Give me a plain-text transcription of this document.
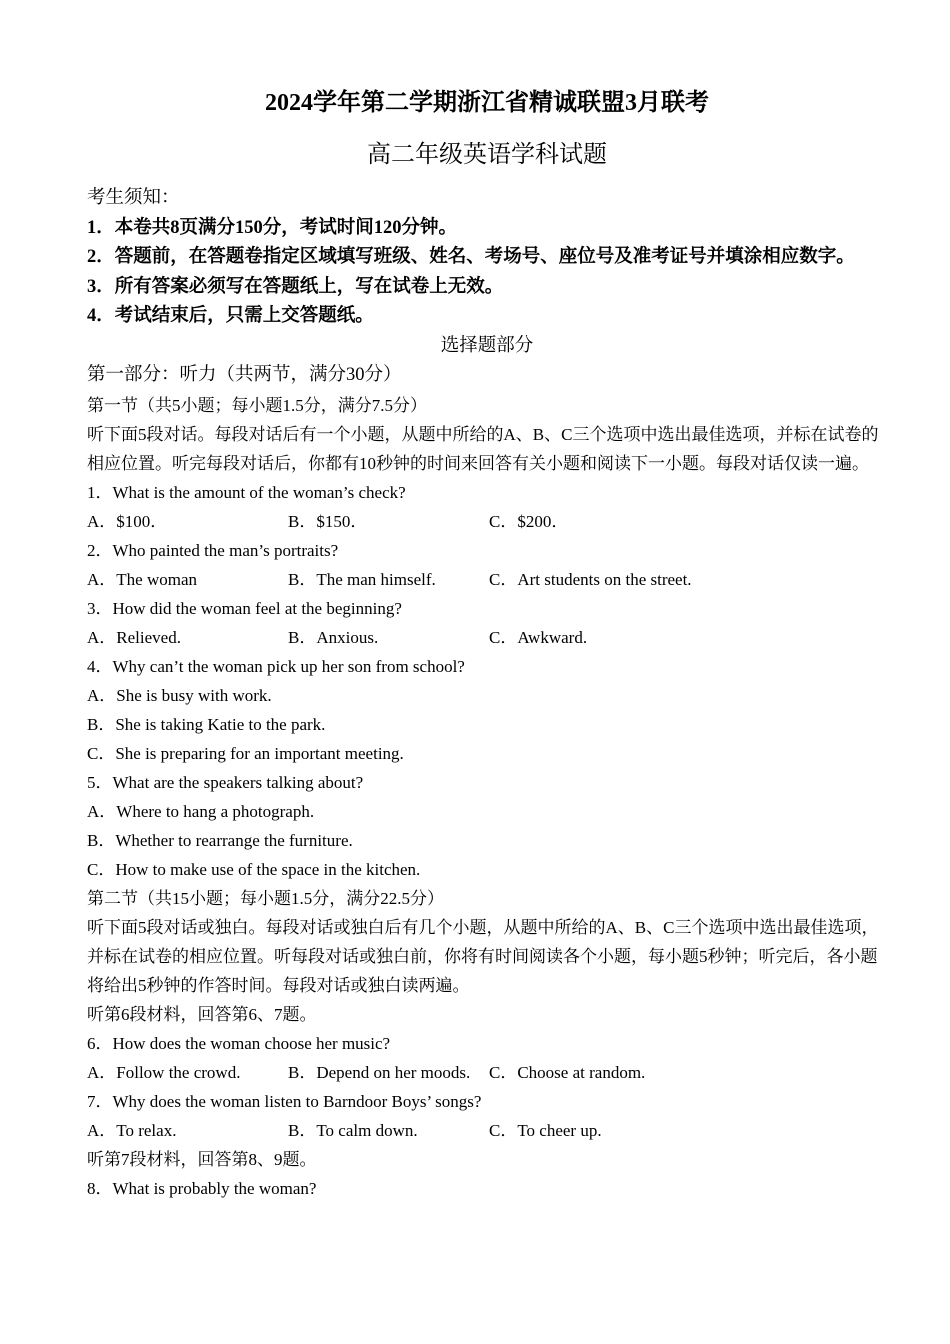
2024学年第二学期浙江省精诚联盟3月联考
高二年级英语学科试题
考生须知：
1．本卷共8页满分150分，考试时间120分钟。
2．答题前，在答题卷指定区域填写班级、姓名、考场号、座位号及准考证号并填涂相应数字。
3．所有答案必须写在答题纸上，写在试卷上无效。
4．考试结束后，只需上交答题纸。
选择题部分
第一部分：听力（共两节，满分30分）
第一节（共5小题；每小题1.5分，满分7.5分）
听下面5段对话。每段对话后有一个小题，从题中所给的A、B、C三个选项中选出最佳选项，并标在试卷的相应位置。听完每段对话后，你都有10秒钟的时间来回答有关小题和阅读下一小题。每段对话仅读一遍。
1．What is the amount of the woman’s check?
A．$100．	B．$150．	C．$200．
2．Who painted the man’s portraits?
A．The woman	B．The man himself.	C．Art students on the street.
3．How did the woman feel at the beginning?
A．Relieved.	B．Anxious.	C．Awkward.
4．Why can’t the woman pick up her son from school?
A．She is busy with work.
B．She is taking Katie to the park.
C．She is preparing for an important meeting.
5．What are the speakers talking about?
A．Where to hang a photograph.
B．Whether to rearrange the furniture.
C．How to make use of the space in the kitchen.
第二节（共15小题；每小题1.5分，满分22.5分）
听下面5段对话或独白。每段对话或独白后有几个小题，从题中所给的A、B、C三个选项中选出最佳选项，并标在试卷的相应位置。听每段对话或独白前，你将有时间阅读各个小题，每小题5秒钟；听完后，各小题将给出5秒钟的作答时间。每段对话或独白读两遍。
听第6段材料，回答第6、7题。
6．How does the woman choose her music?
A．Follow the crowd.	B．Depend on her moods.	C．Choose at random.
7．Why does the woman listen to Barndoor Boys’ songs?
A．To relax.	B．To calm down.	C．To cheer up.
听第7段材料，回答第8、9题。
8．What is probably the woman?
